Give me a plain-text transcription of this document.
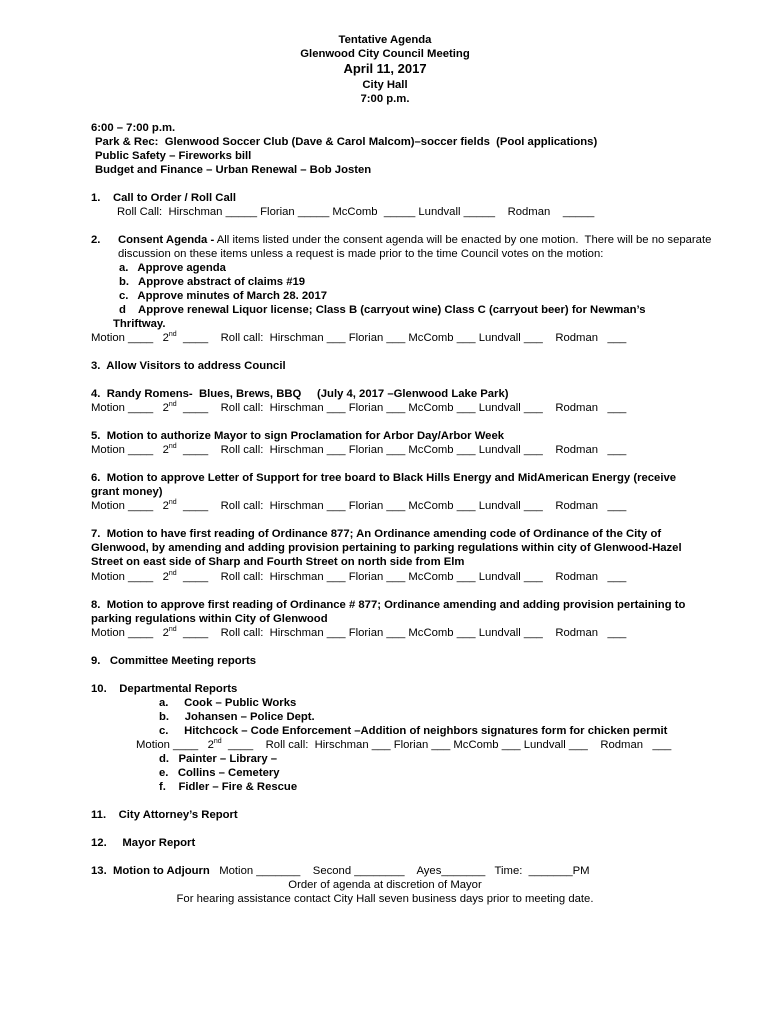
Tentative Agenda
Glenwood City Council Meeting
April 11, 2017
City Hall
7:00 p.m.
6:00 – 7:00 p.m.
Park & Rec:  Glenwood Soccer Club (Dave & Carol Malcom)–soccer fields  (Pool applications)
Public Safety – Fireworks bill
Budget and Finance – Urban Renewal – Bob Josten
1.    Call to Order / Roll Call
Roll Call:  Hirschman _____ Florian _____ McComb  _____ Lundvall _____    Rodman    _____
2. Consent Agenda - All items listed under the consent agenda will be enacted by one motion.  There will be no separate
discussion on these items unless a request is made prior to the time Council votes on the motion:
a.   Approve agenda
b.   Approve abstract of claims #19
c.   Approve minutes of March 28. 2017
d    Approve renewal Liquor license; Class B (carryout wine) Class C (carryout beer) for Newman’s
Thriftway.
Motion ____   2nd  ____    Roll call:  Hirschman ___ Florian ___ McComb ___ Lundvall ___    Rodman   ___
3.  Allow Visitors to address Council
4.  Randy Romens-  Blues, Brews, BBQ     (July 4, 2017 –Glenwood Lake Park)
Motion ____   2nd  ____    Roll call:  Hirschman ___ Florian ___ McComb ___ Lundvall ___    Rodman   ___
5.  Motion to authorize Mayor to sign Proclamation for Arbor Day/Arbor Week
Motion ____   2nd  ____    Roll call:  Hirschman ___ Florian ___ McComb ___ Lundvall ___    Rodman   ___
6.  Motion to approve Letter of Support for tree board to Black Hills Energy and MidAmerican Energy (receive
grant money)
Motion ____   2nd  ____    Roll call:  Hirschman ___ Florian ___ McComb ___ Lundvall ___    Rodman   ___
7.  Motion to have first reading of Ordinance 877; An Ordinance amending code of Ordinance of the City of
Glenwood, by amending and adding provision pertaining to parking regulations within city of Glenwood-Hazel
Street on east side of Sharp and Fourth Street on north side from Elm
Motion ____   2nd  ____    Roll call:  Hirschman ___ Florian ___ McComb ___ Lundvall ___    Rodman   ___
8.  Motion to approve first reading of Ordinance # 877; Ordinance amending and adding provision pertaining to
parking regulations within City of Glenwood
Motion ____   2nd  ____    Roll call:  Hirschman ___ Florian ___ McComb ___ Lundvall ___    Rodman   ___
9.   Committee Meeting reports
10.    Departmental Reports
a.     Cook – Public Works
b.     Johansen – Police Dept.
c.     Hitchcock – Code Enforcement –Addition of neighbors signatures form for chicken permit
Motion ____   2nd  ____    Roll call:  Hirschman ___ Florian ___ McComb ___ Lundvall ___    Rodman   ___
d.   Painter – Library –
e.   Collins – Cemetery
f.    Fidler – Fire & Rescue
11.    City Attorney’s Report
12.     Mayor Report
13.  Motion to Adjourn   Motion _______    Second ________    Ayes_______   Time:  _______PM
Order of agenda at discretion of Mayor
For hearing assistance contact City Hall seven business days prior to meeting date.
